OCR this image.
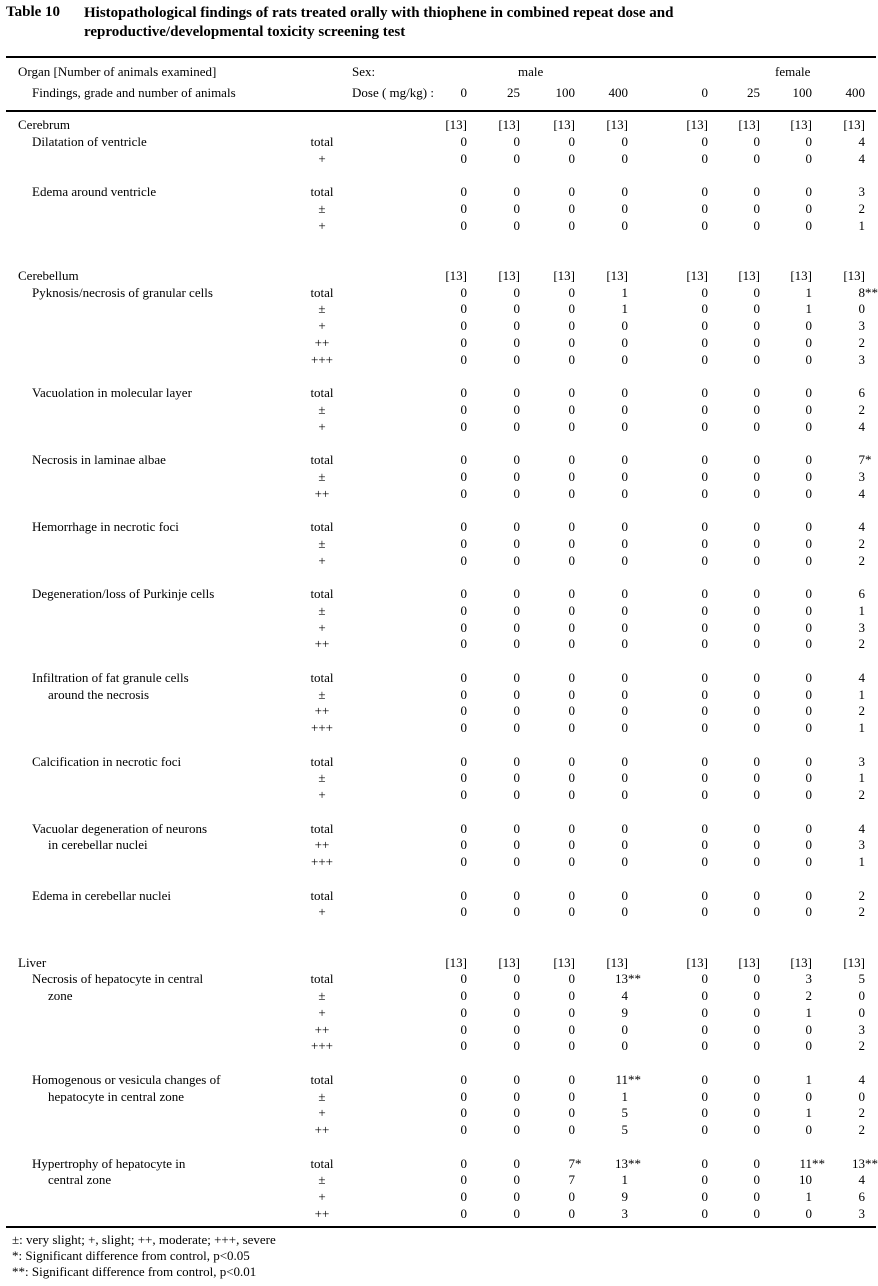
Table 10 Histopathological findings of rats treated orally with thiophene in combined repeat dose and reproductive/developmental toxicity screening test
Organ [Number of animals examined]
Findings, grade and number of animals
Sex:
Dose ( mg/kg) :
male	female
0	25	100	400	0	25	100	400
Cerebrum	[13]	[13]	[13]	[13]	[13]	[13]	[13]	[13]
Dilatation of ventricle	total	0	0	0	0	0	0	0	4
+	0	0	0	0	0	0	0	4
Edema around ventricle	total	0	0	0	0	0	0	0	3
±	0	0	0	0	0	0	0	2
+	0	0	0	0	0	0	0	1
Cerebellum	[13]	[13]	[13]	[13]	[13]	[13]	[13]	[13]
Pyknosis/necrosis of granular cells	total	0	0	0	1	0	0	1	8**
±	0	0	0	1	0	0	1	0
+	0	0	0	0	0	0	0	3
++	0	0	0	0	0	0	0	2
+++	0	0	0	0	0	0	0	3
Vacuolation in molecular layer	total	0	0	0	0	0	0	0	6
±	0	0	0	0	0	0	0	2
+	0	0	0	0	0	0	0	4
Necrosis in laminae albae	total	0	0	0	0	0	0	0	7*
±	0	0	0	0	0	0	0	3
++	0	0	0	0	0	0	0	4
Hemorrhage in necrotic foci	total	0	0	0	0	0	0	0	4
±	0	0	0	0	0	0	0	2
+	0	0	0	0	0	0	0	2
Degeneration/loss of Purkinje cells	total	0	0	0	0	0	0	0	6
±	0	0	0	0	0	0	0	1
+	0	0	0	0	0	0	0	3
++	0	0	0	0	0	0	0	2
Infiltration of fat granule cells	total	0	0	0	0	0	0	0	4
around the necrosis	±	0	0	0	0	0	0	0	1
++	0	0	0	0	0	0	0	2
+++	0	0	0	0	0	0	0	1
Calcification in necrotic foci	total	0	0	0	0	0	0	0	3
±	0	0	0	0	0	0	0	1
+	0	0	0	0	0	0	0	2
Vacuolar degeneration of neurons	total	0	0	0	0	0	0	0	4
in cerebellar nuclei	++	0	0	0	0	0	0	0	3
+++	0	0	0	0	0	0	0	1
Edema in cerebellar nuclei	total	0	0	0	0	0	0	0	2
+	0	0	0	0	0	0	0	2
Liver	[13]	[13]	[13]	[13]	[13]	[13]	[13]	[13]
Necrosis of hepatocyte in central	total	0	0	0	13**	0	0	3	5
zone	±	0	0	0	4	0	0	2	0
+	0	0	0	9	0	0	1	0
++	0	0	0	0	0	0	0	3
+++	0	0	0	0	0	0	0	2
Homogenous or vesicula changes of	total	0	0	0	11**	0	0	1	4
hepatocyte in central zone	±	0	0	0	1	0	0	0	0
+	0	0	0	5	0	0	1	2
++	0	0	0	5	0	0	0	2
Hypertrophy of hepatocyte in	total	0	0	7*	13**	0	0	11**	13**
central zone	±	0	0	7	1	0	0	10	4
+	0	0	0	9	0	0	1	6
++	0	0	0	3	0	0	0	3
±: very slight; +, slight; ++, moderate; +++, severe
*: Significant difference from control, p<0.05
**: Significant difference from control, p<0.01
